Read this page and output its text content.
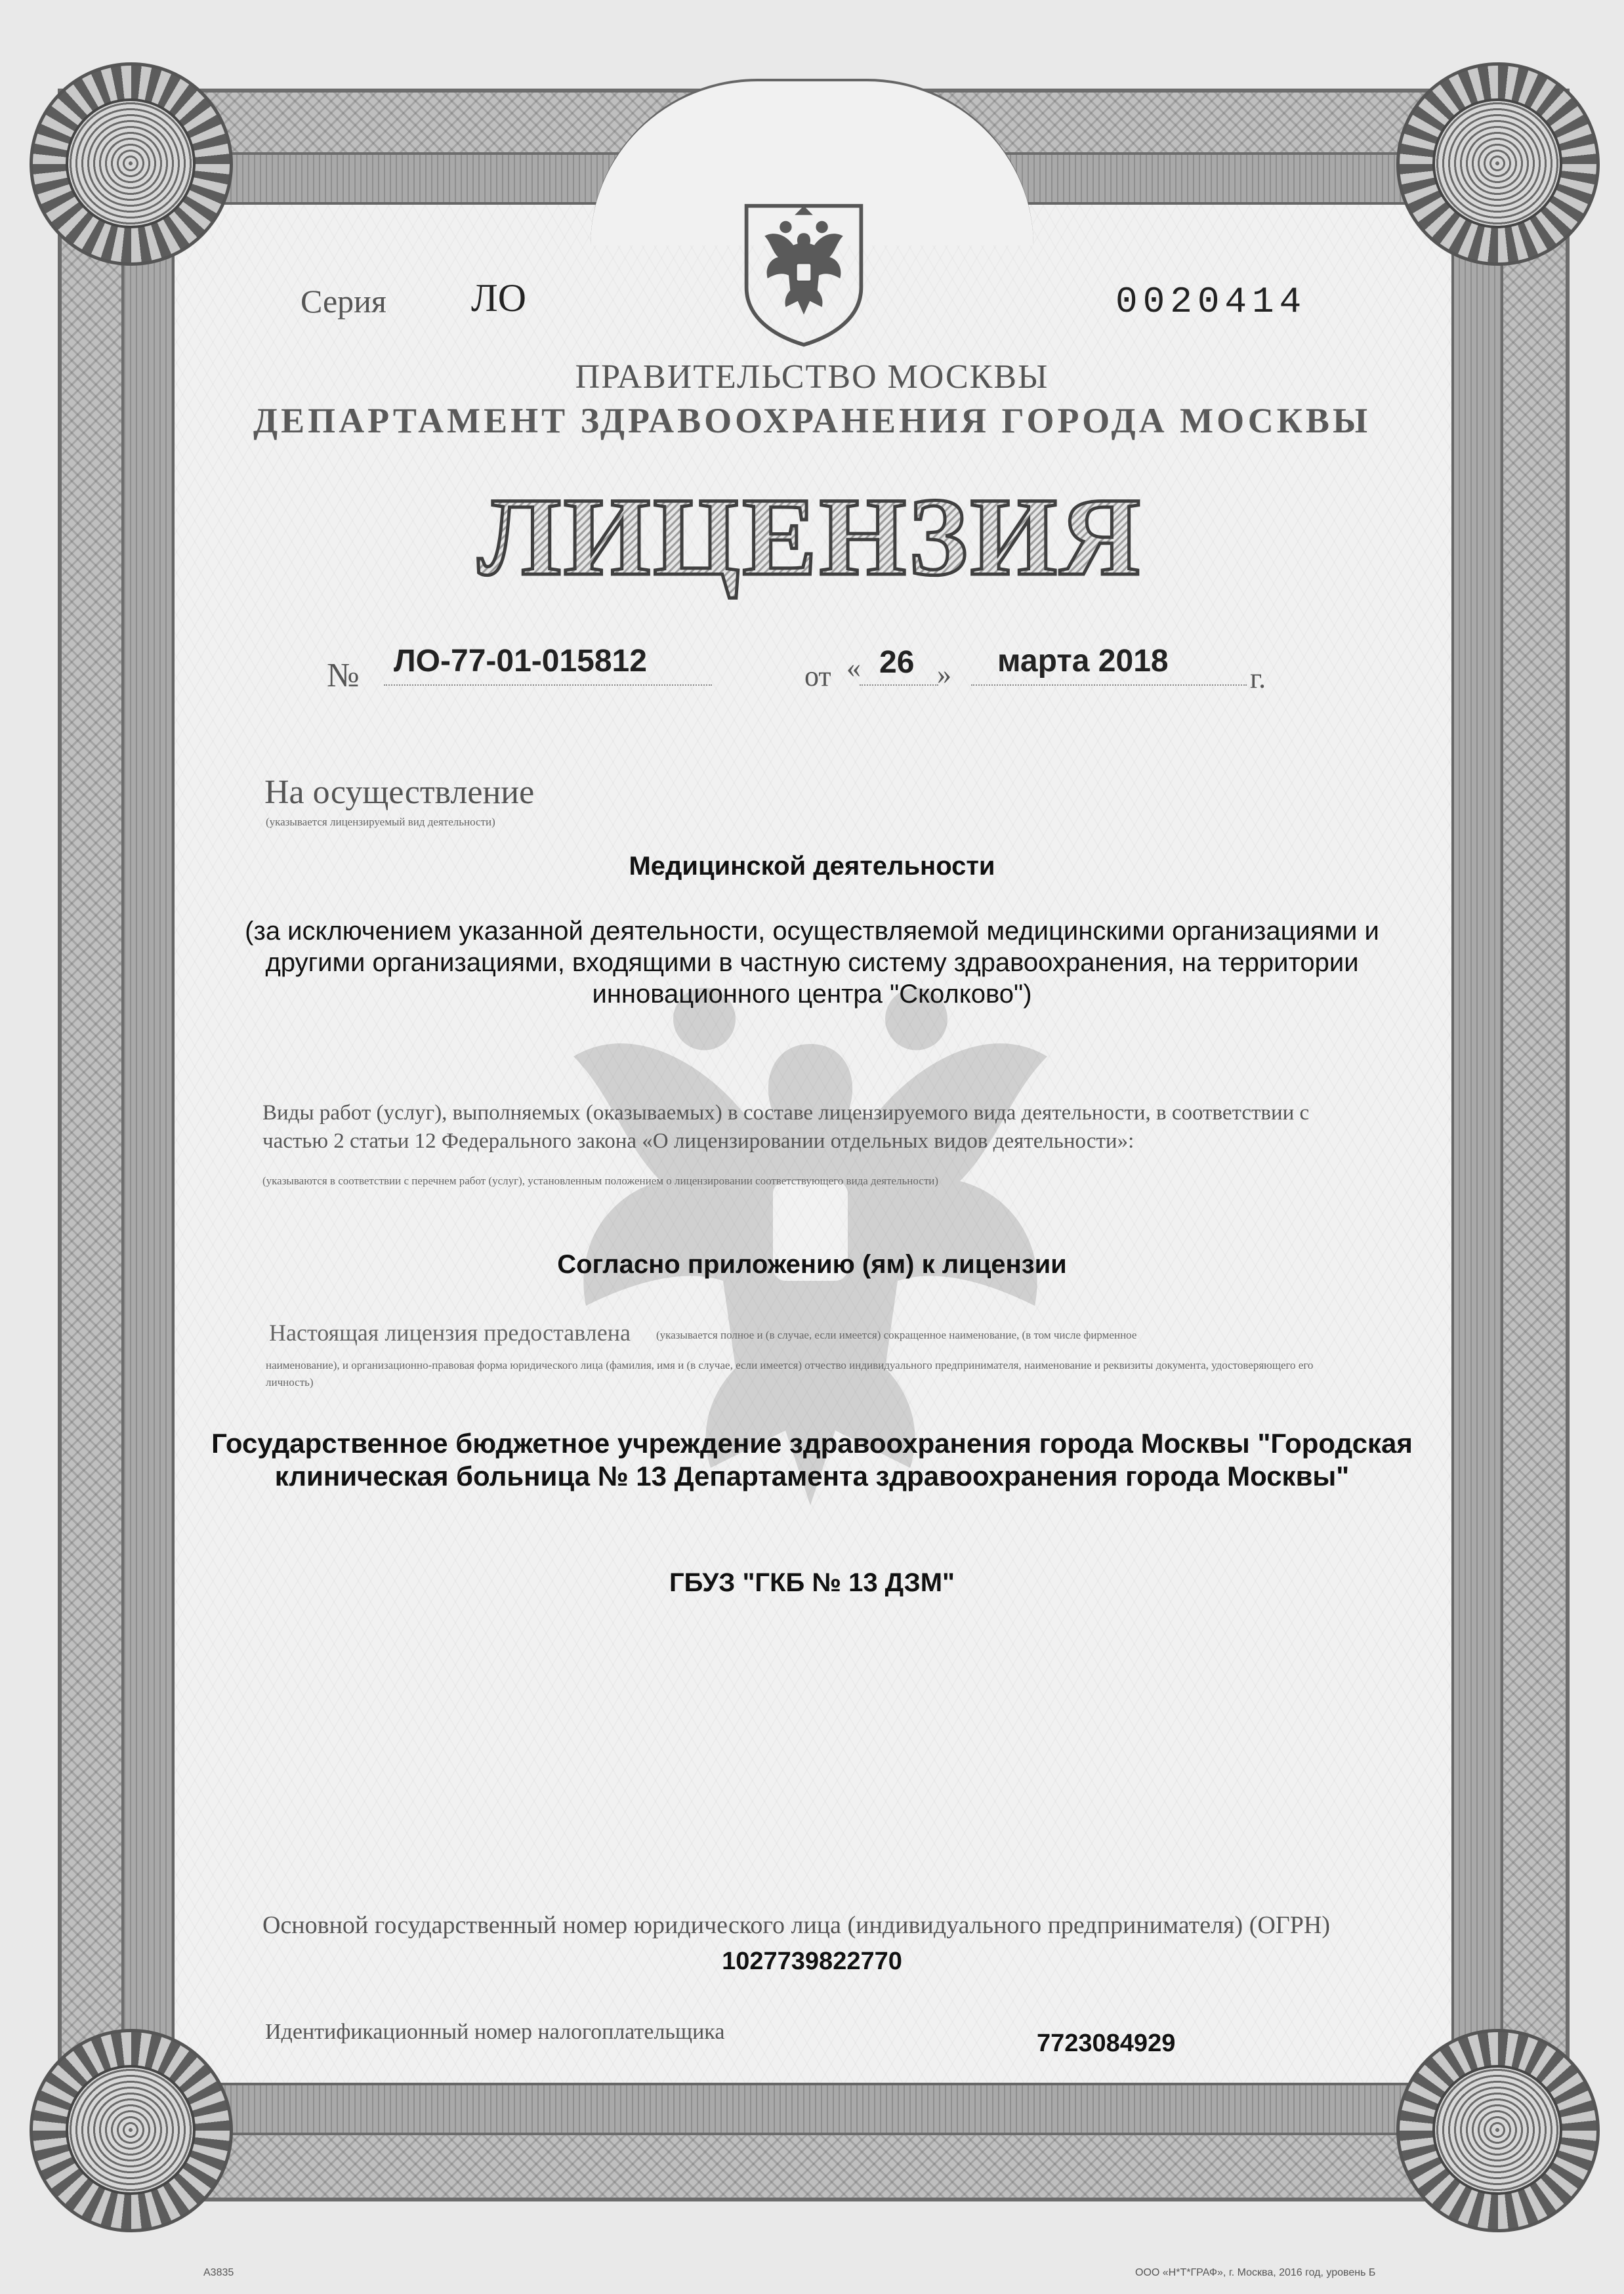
Серия ЛО	0020414
ПРАВИТЕЛЬСТВО МОСКВЫ
ДЕПАРТАМЕНТ ЗДРАВООХРАНЕНИЯ ГОРОДА МОСКВЫ
ЛИЦЕНЗИЯ
№ ЛО-77-01-015812	от « 26 » марта 2018	г.
На осуществление
(указывается лицензируемый вид деятельности)
Медицинской деятельности
(за исключением указанной деятельности, осуществляемой медицинскими организациями и другими организациями, входящими в частную систему здравоохранения, на территории инновационного центра "Сколково")
Виды работ (услуг), выполняемых (оказываемых) в составе лицензируемого вида деятельности, в соответствии с частью 2 статьи 12 Федерального закона «О лицензировании отдельных видов деятельности»:
(указываются в соответствии с перечнем работ (услуг), установленным положением о лицензировании соответствующего вида деятельности)
Согласно приложению (ям) к лицензии
Настоящая лицензия предоставлена (указывается полное и (в случае, если имеется) сокращенное наименование, (в том числе фирменное
наименование), и организационно-правовая форма юридического лица (фамилия, имя и (в случае, если имеется) отчество индивидуального предпринимателя, наименование и реквизиты документа, удостоверяющего его личность)
Государственное бюджетное учреждение здравоохранения города Москвы "Городская клиническая больница № 13 Департамента здравоохранения города Москвы"
ГБУЗ "ГКБ № 13 ДЗМ"
Основной государственный номер юридического лица (индивидуального предпринимателя) (ОГРН)
1027739822770
Идентификационный номер налогоплательщика	7723084929
А3835	ООО «Н*Т*ГРАФ», г. Москва, 2016 год, уровень Б
